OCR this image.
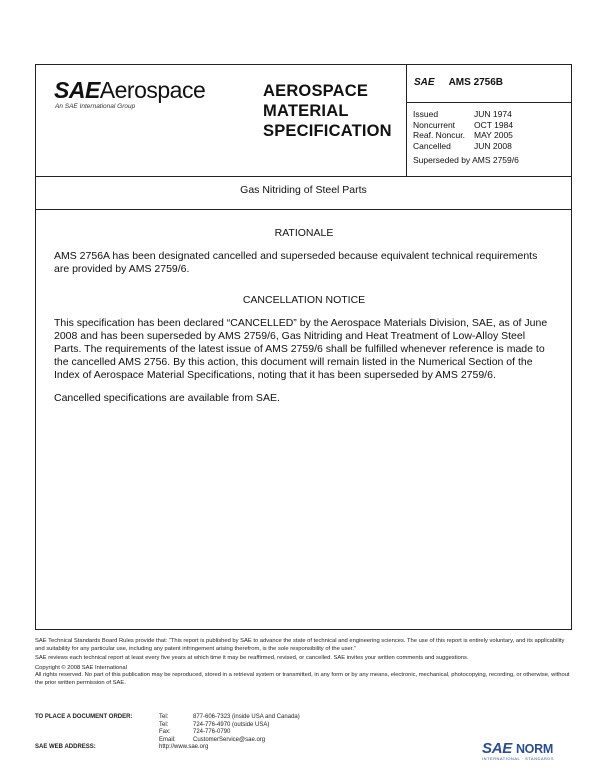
SAEAerospace
An SAE International Group
AEROSPACE
MATERIAL
SPECIFICATION
SAE AMS 2756B
Issued	JUN 1974
Noncurrent	OCT 1984
Reaf. Noncur.	MAY 2005
Cancelled	JUN 2008
Superseded by AMS 2759/6
Gas Nitriding of Steel Parts

RATIONALE

AMS 2756A has been designated cancelled and superseded because equivalent technical requirements are provided by AMS 2759/6.

CANCELLATION NOTICE

This specification has been declared “CANCELLED” by the Aerospace Materials Division, SAE, as of June 2008 and has been superseded by AMS 2759/6, Gas Nitriding and Heat Treatment of Low-Alloy Steel Parts. The requirements of the latest issue of AMS 2759/6 shall be fulfilled whenever reference is made to the cancelled AMS 2756. By this action, this document will remain listed in the Numerical Section of the Index of Aerospace Material Specifications, noting that it has been superseded by AMS 2759/6.

Cancelled specifications are available from SAE.

SAE Technical Standards Board Rules provide that: “This report is published by SAE to advance the state of technical and engineering sciences. The use of this report is entirely voluntary, and its applicability and suitability for any particular use, including any patent infringement arising therefrom, is the sole responsibility of the user.”

SAE reviews each technical report at least every five years at which time it may be reaffirmed, revised, or cancelled. SAE invites your written comments and suggestions.

Copyright © 2008 SAE International

All rights reserved. No part of this publication may be reproduced, stored in a retrieval system or transmitted, in any form or by any means, electronic, mechanical, photocopying, recording, or otherwise, without the prior written permission of SAE.

TO PLACE A DOCUMENT ORDER:	Tel:	877-606-7323 (inside USA and Canada)
Tel:	724-776-4970 (outside USA)
Fax:	724-776-0790
Email:	CustomerService@sae.org
SAE WEB ADDRESS:	http://www.sae.org	SAE NORM
INTERNATIONAL · STANDARDS
